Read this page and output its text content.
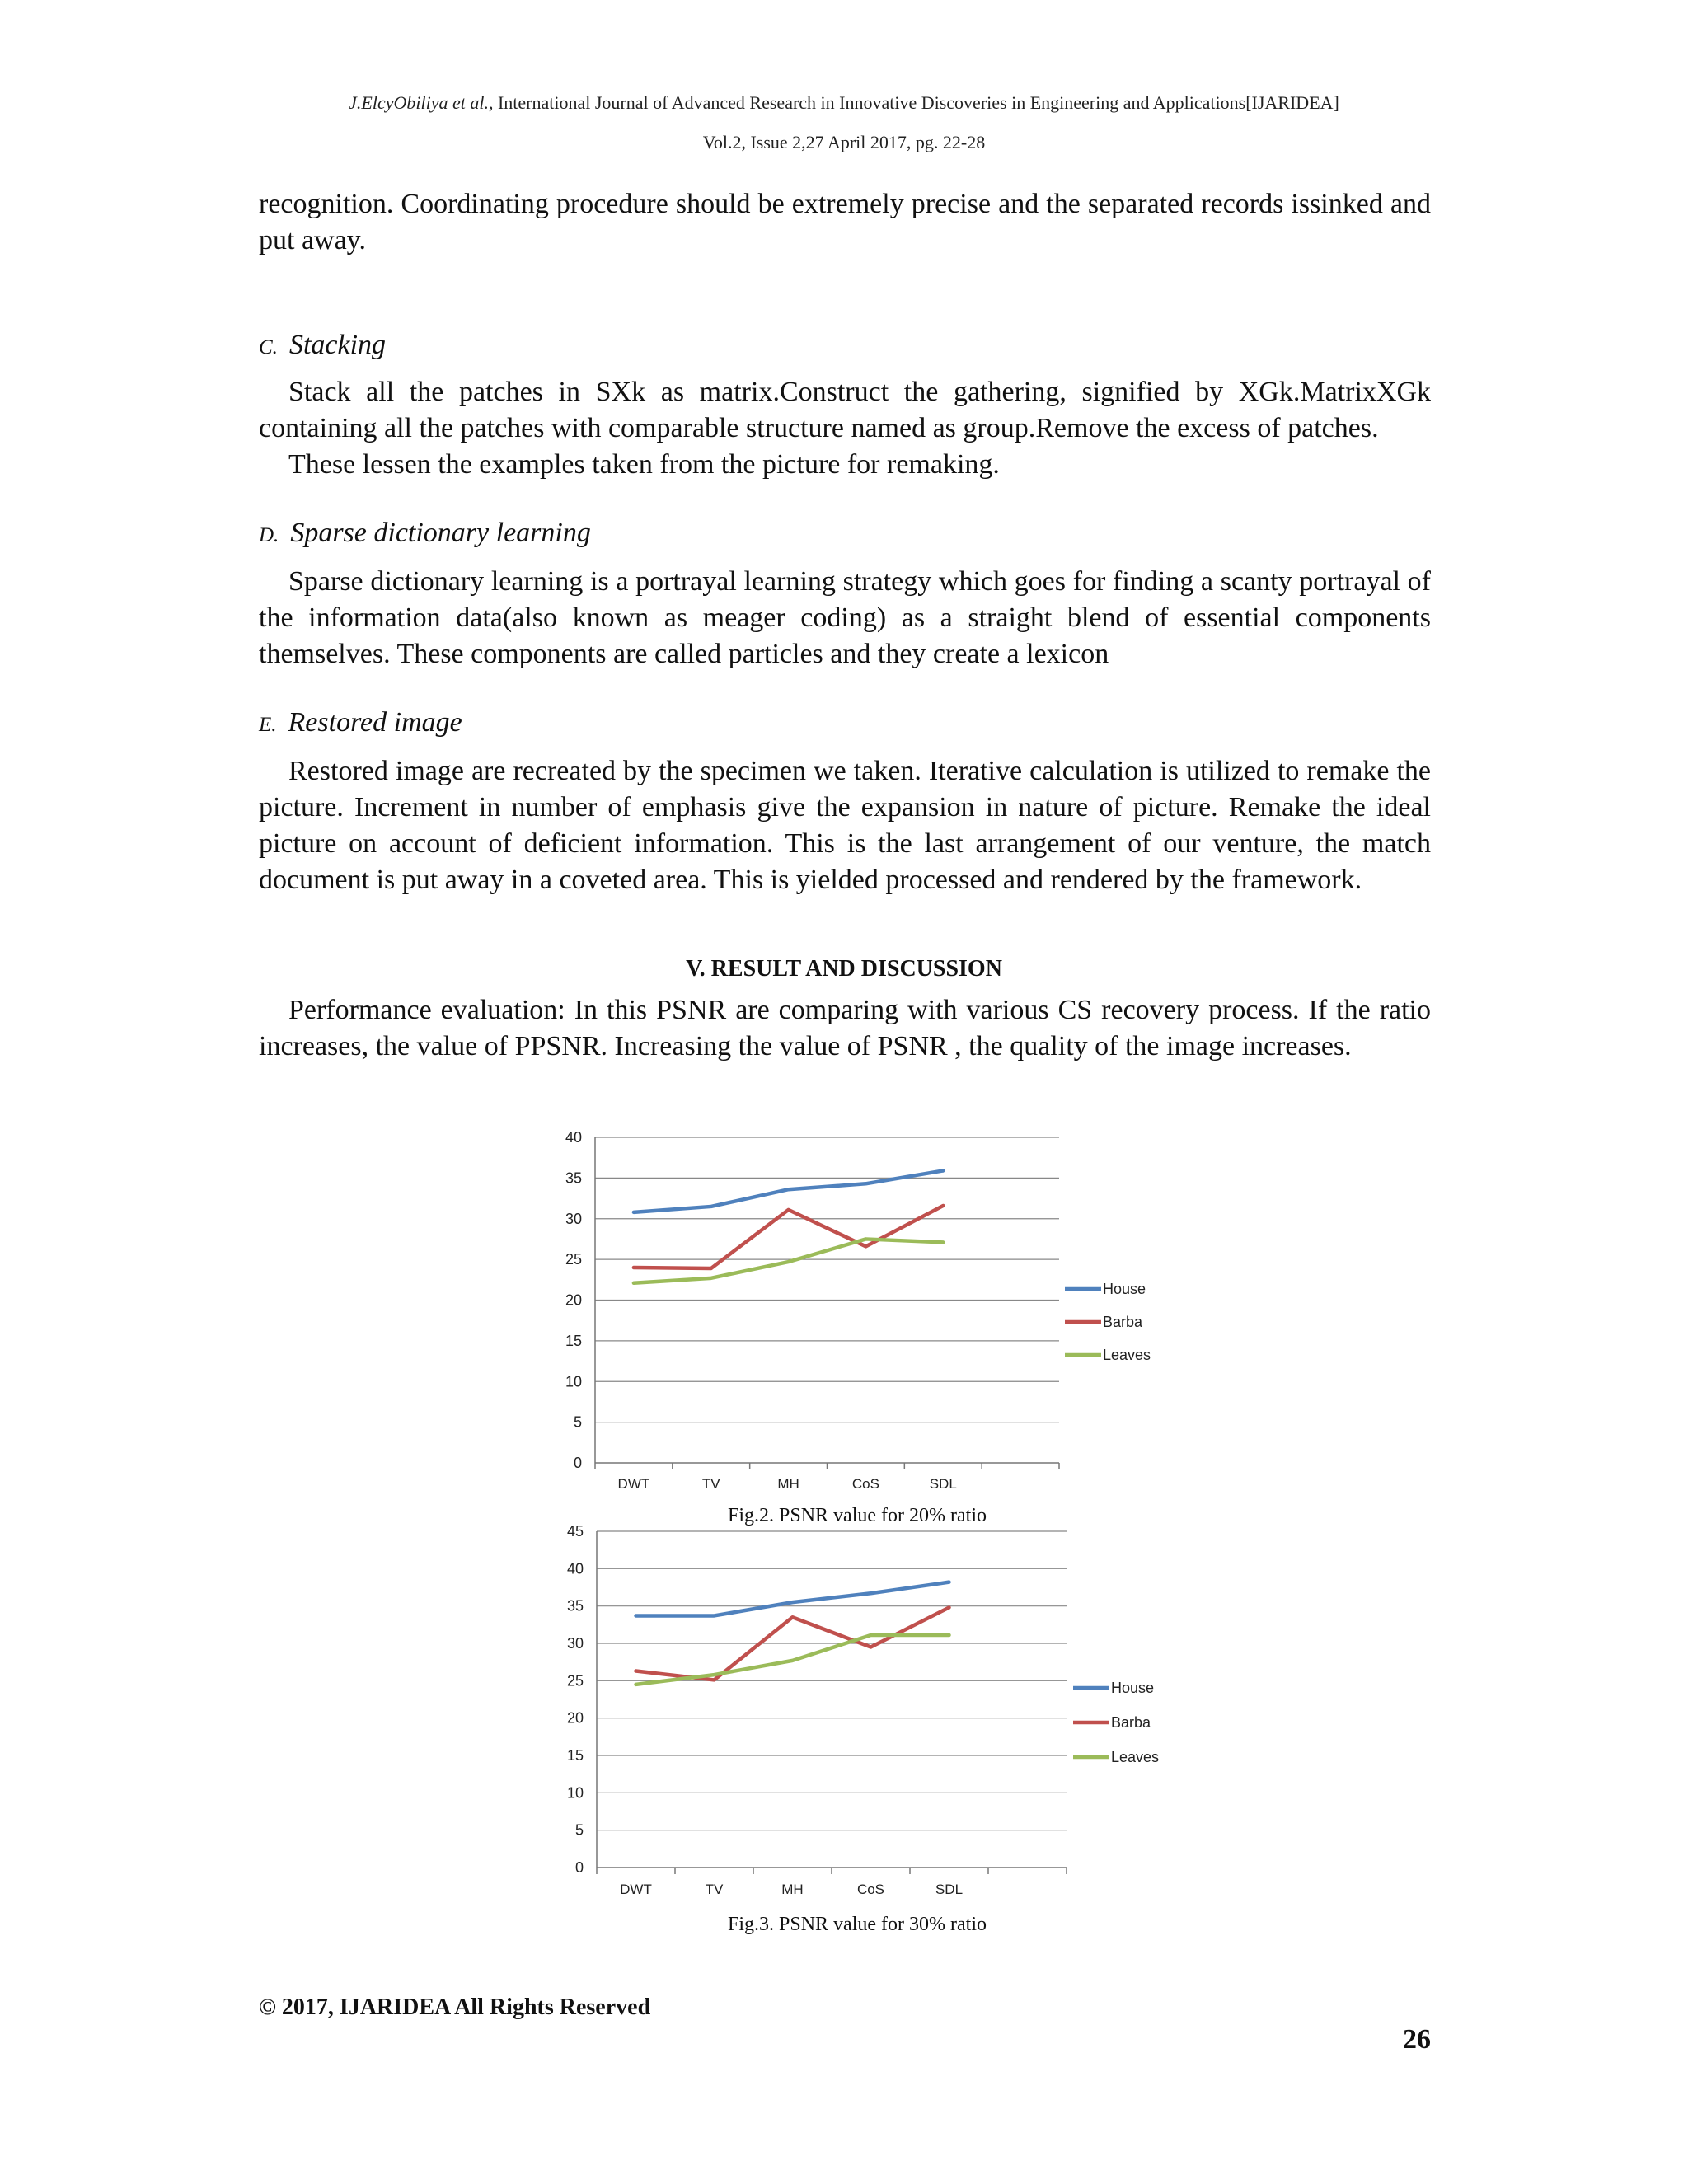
J.ElcyObiliya et al., International Journal of Advanced Research in Innovative Discoveries in Engineering and Applications[IJARIDEA]
Vol.2, Issue 2,27 April 2017, pg. 22-28

recognition. Coordinating procedure should be extremely precise and the separated records issinked and put away.

C. Stacking

Stack all the patches in SXk as matrix.Construct the gathering, signified by XGk.MatrixXGk containing all the patches with comparable structure named as group.Remove the excess of patches.

These lessen the examples taken from the picture for remaking.

D. Sparse dictionary learning

Sparse dictionary learning is a portrayal learning strategy which goes for finding a scanty portrayal of the information data(also known as meager coding) as a straight blend of essential components themselves. These components are called particles and they create a lexicon

E. Restored image

Restored image are recreated by the specimen we taken. Iterative calculation is utilized to remake the picture. Increment in number of emphasis give the expansion in nature of picture. Remake the ideal picture on account of deficient information. This is the last arrangement of our venture, the match document is put away in a coveted area. This is yielded processed and rendered by the framework.

V. RESULT AND DISCUSSION

Performance evaluation: In this PSNR are comparing with various CS recovery process. If the ratio increases, the value of PPSNR. Increasing the value of PSNR , the quality of the image increases.

0
5
10
15
20
25
30
35
40
DWT	TV	MH	CoS	SDL
House
Barba
Leaves
Fig.2. PSNR value for 20% ratio
0
5
10
15
20
25
30
35
40
45
DWT	TV	MH	CoS	SDL
House
Barba
Leaves
Fig.3. PSNR value for 30% ratio
© 2017, IJARIDEA All Rights Reserved
26
